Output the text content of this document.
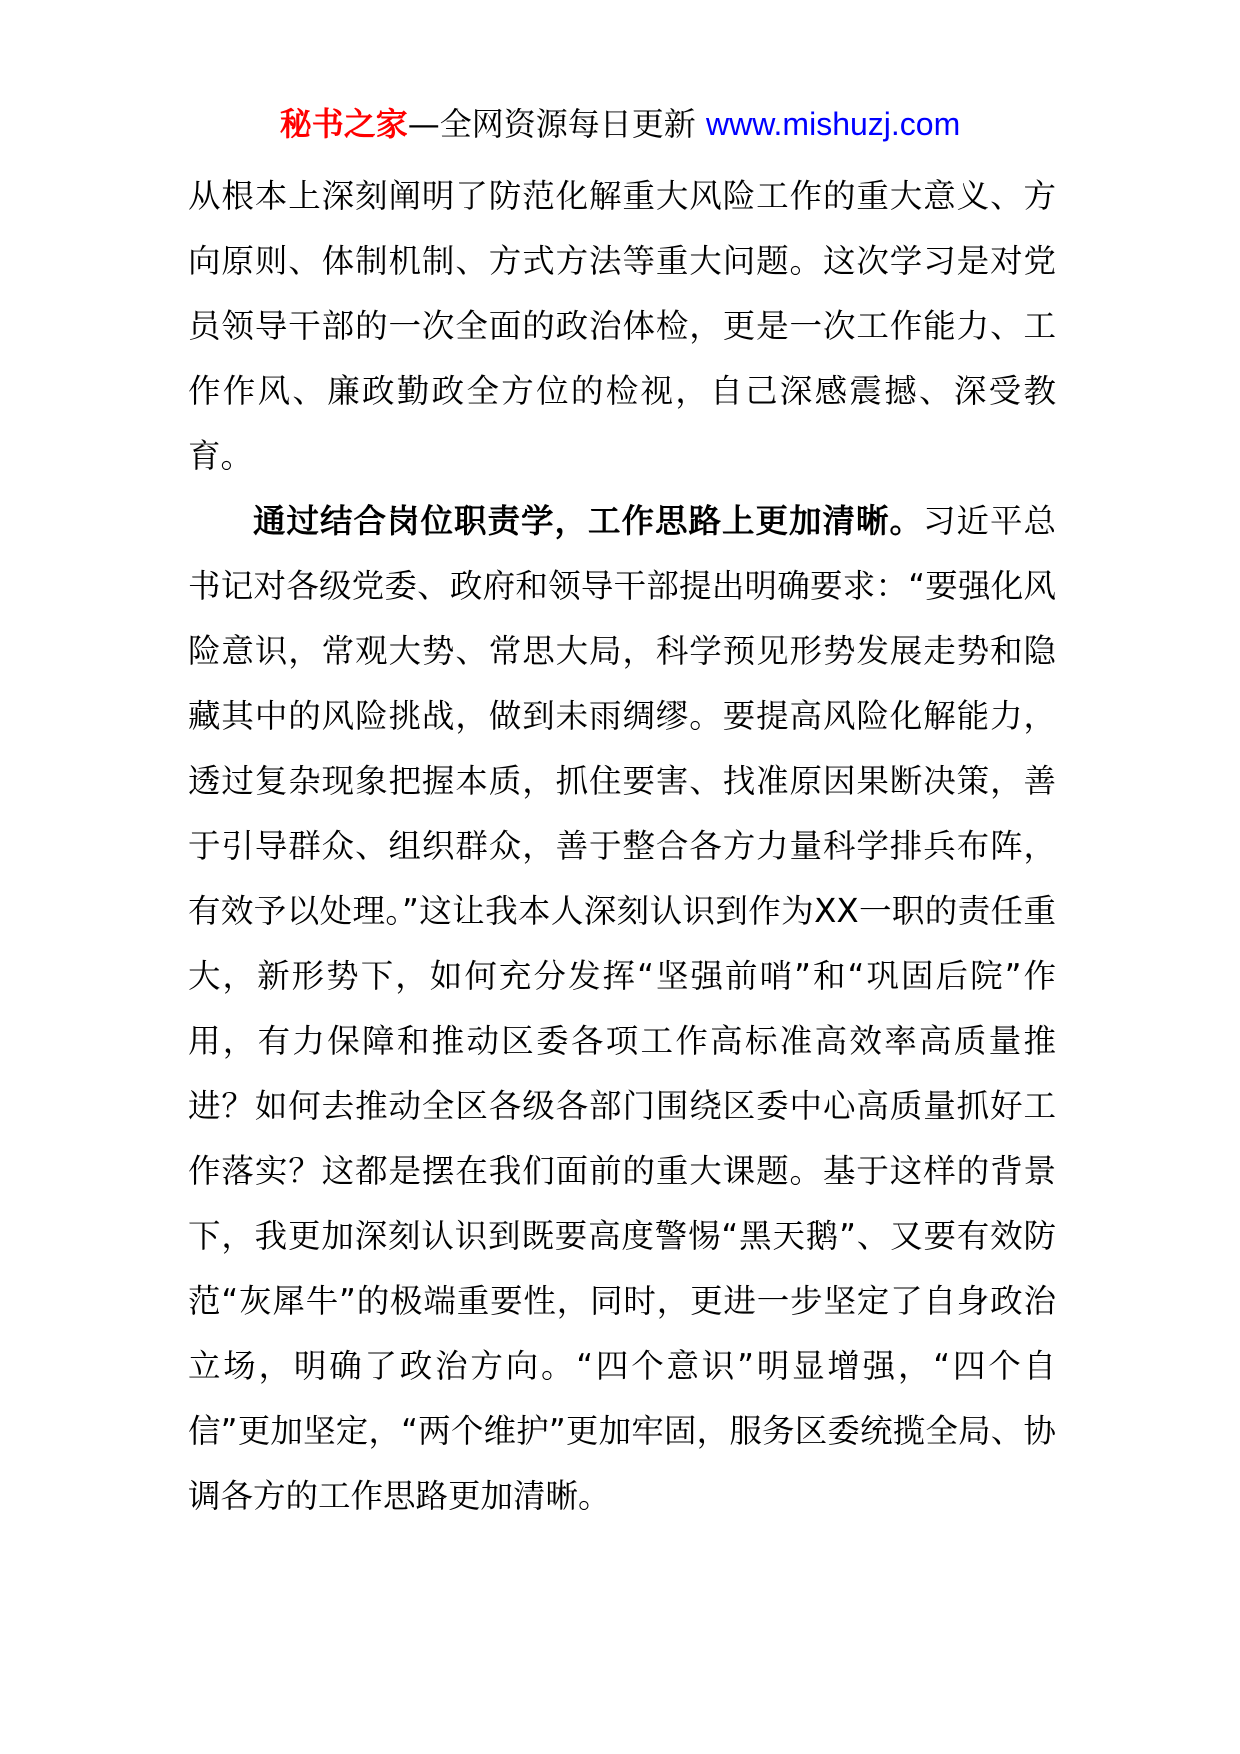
秘书之家—全网资源每日更新 www.mishuzj.com

从根本上深刻阐明了防范化解重大风险工作的重大意义、方向原则、体制机制、方式方法等重大问题。这次学习是对党员领导干部的一次全面的政治体检，更是一次工作能力、工作作风、廉政勤政全方位的检视，自己深感震撼、深受教育。

通过结合岗位职责学，工作思路上更加清晰。习近平总书记对各级党委、政府和领导干部提出明确要求：“要强化风险意识，常观大势、常思大局，科学预见形势发展走势和隐藏其中的风险挑战，做到未雨绸缪。要提高风险化解能力，透过复杂现象把握本质，抓住要害、找准原因果断决策，善于引导群众、组织群众，善于整合各方力量科学排兵布阵，有效予以处理。”这让我本人深刻认识到作为XX一职的责任重大，新形势下，如何充分发挥“坚强前哨”和“巩固后院”作用，有力保障和推动区委各项工作高标准高效率高质量推进？如何去推动全区各级各部门围绕区委中心高质量抓好工作落实？这都是摆在我们面前的重大课题。基于这样的背景下，我更加深刻认识到既要高度警惕“黑天鹅”、又要有效防范“灰犀牛”的极端重要性，同时，更进一步坚定了自身政治立场，明确了政治方向。“四个意识”明显增强，“四个自信”更加坚定，“两个维护”更加牢固，服务区委统揽全局、协调各方的工作思路更加清晰。
